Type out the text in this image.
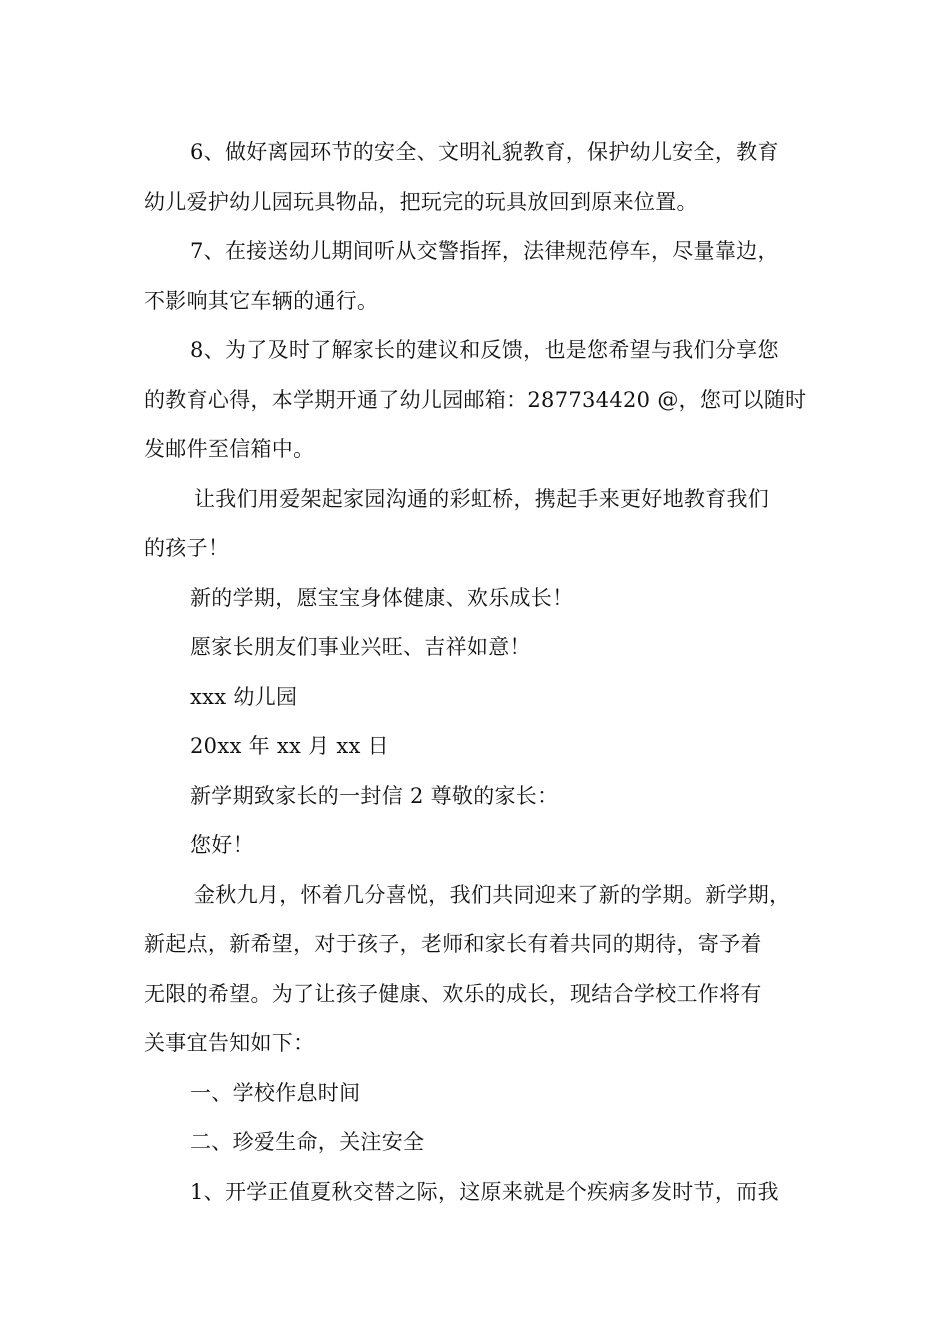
6、做好离园环节的安全、文明礼貌教育，保护幼儿安全，教育
幼儿爱护幼儿园玩具物品，把玩完的玩具放回到原来位置。
7、在接送幼儿期间听从交警指挥，法律规范停车，尽量靠边，
不影响其它车辆的通行。
8、为了及时了解家长的建议和反馈，也是您希望与我们分享您
的教育心得，本学期开通了幼儿园邮箱：287734420 @，您可以随时
发邮件至信箱中。
让我们用爱架起家园沟通的彩虹桥，携起手来更好地教育我们
的孩子！
新的学期，愿宝宝身体健康、欢乐成长！
愿家长朋友们事业兴旺、吉祥如意！
xxx 幼儿园
20xx 年 xx 月 xx 日
新学期致家长的一封信 2 尊敬的家长：
您好！
金秋九月，怀着几分喜悦，我们共同迎来了新的学期。新学期，
新起点，新希望，对于孩子，老师和家长有着共同的期待，寄予着
无限的希望。为了让孩子健康、欢乐的成长，现结合学校工作将有
关事宜告知如下：
一、学校作息时间
二、珍爱生命，关注安全
1、开学正值夏秋交替之际，这原来就是个疾病多发时节，而我
